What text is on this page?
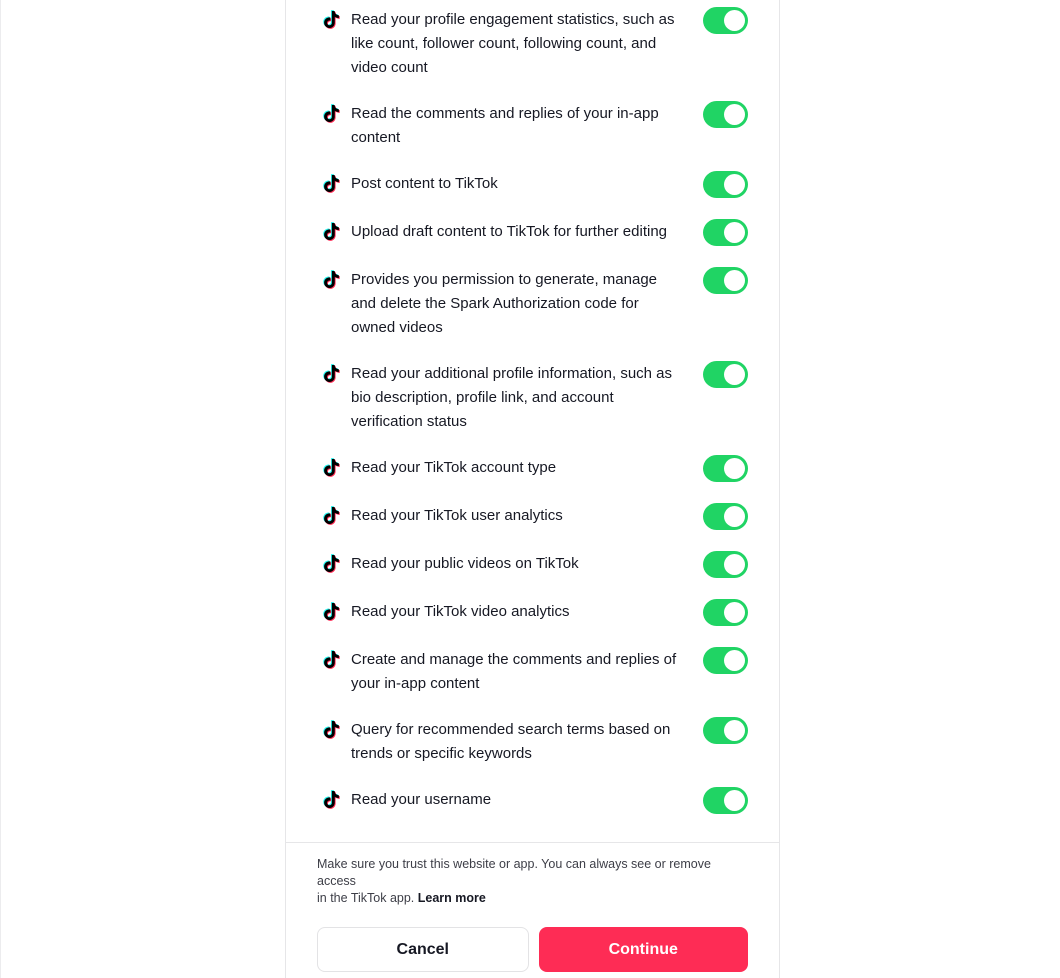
Read your profile engagement statistics, such as like count, follower count, following count, and video count
Read the comments and replies of your in-app content
Post content to TikTok
Upload draft content to TikTok for further editing
Provides you permission to generate, manage and delete the Spark Authorization code for owned videos
Read your additional profile information, such as bio description, profile link, and account verification status
Read your TikTok account type
Read your TikTok user analytics
Read your public videos on TikTok
Read your TikTok video analytics
Create and manage the comments and replies of your in-app content
Query for recommended search terms based on trends or specific keywords
Read your username
Make sure you trust this website or app. You can always see or remove access
in the TikTok app. Learn more
Cancel	Continue
